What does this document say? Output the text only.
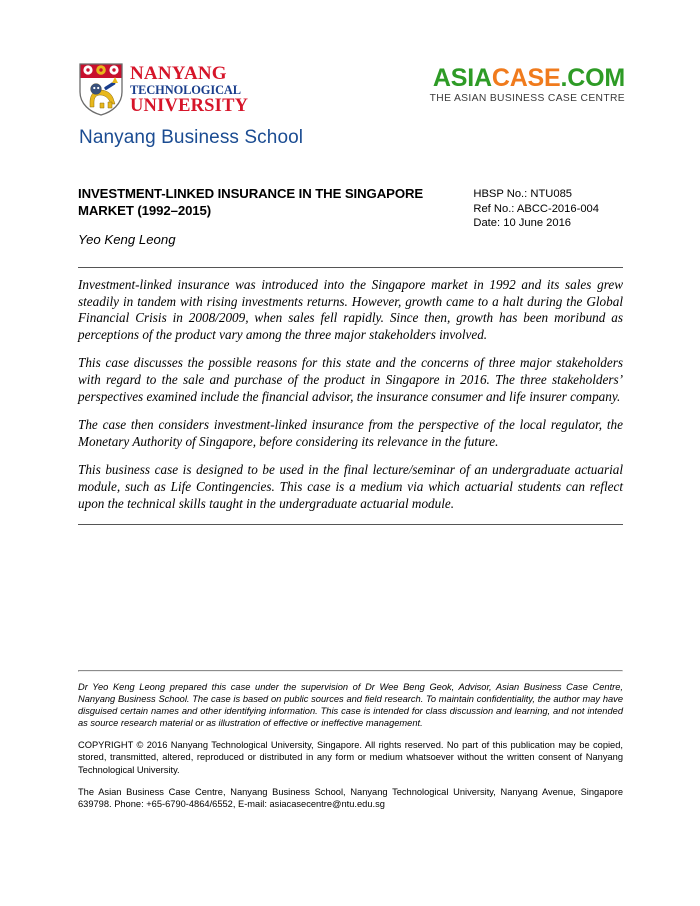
NANYANG
TECHNOLOGICAL
UNIVERSITY
Nanyang Business School
ASIACASE.COM
THE ASIAN BUSINESS CASE CENTRE
INVESTMENT-LINKED INSURANCE IN THE SINGAPORE MARKET (1992–2015)

Yeo Keng Leong

HBSP No.: NTU085
Ref No.: ABCC-2016-004
Date: 10 June 2016

Investment-linked insurance was introduced into the Singapore market in 1992 and its sales grew steadily in tandem with rising investments returns. However, growth came to a halt during the Global Financial Crisis in 2008/2009, when sales fell rapidly. Since then, growth has been moribund as perceptions of the product vary among the three major stakeholders involved.

This case discusses the possible reasons for this state and the concerns of three major stakeholders with regard to the sale and purchase of the product in Singapore in 2016. The three stakeholders’ perspectives examined include the financial advisor, the insurance consumer and life insurer company.

The case then considers investment-linked insurance from the perspective of the local regulator, the Monetary Authority of Singapore, before considering its relevance in the future.

This business case is designed to be used in the final lecture/seminar of an undergraduate actuarial module, such as Life Contingencies. This case is a medium via which actuarial students can reflect upon the technical skills taught in the undergraduate actuarial module.

Dr Yeo Keng Leong prepared this case under the supervision of Dr Wee Beng Geok, Advisor, Asian Business Case Centre, Nanyang Business School. The case is based on public sources and field research. To maintain confidentiality, the author may have disguised certain names and other identifying information. This case is intended for class discussion and learning, and not intended as source research material or as illustration of effective or ineffective management.

COPYRIGHT © 2016 Nanyang Technological University, Singapore. All rights reserved. No part of this publication may be copied, stored, transmitted, altered, reproduced or distributed in any form or medium whatsoever without the written consent of Nanyang Technological University.

The Asian Business Case Centre, Nanyang Business School, Nanyang Technological University, Nanyang Avenue, Singapore 639798. Phone: +65-6790-4864/6552, E-mail: asiacasecentre@ntu.edu.sg
